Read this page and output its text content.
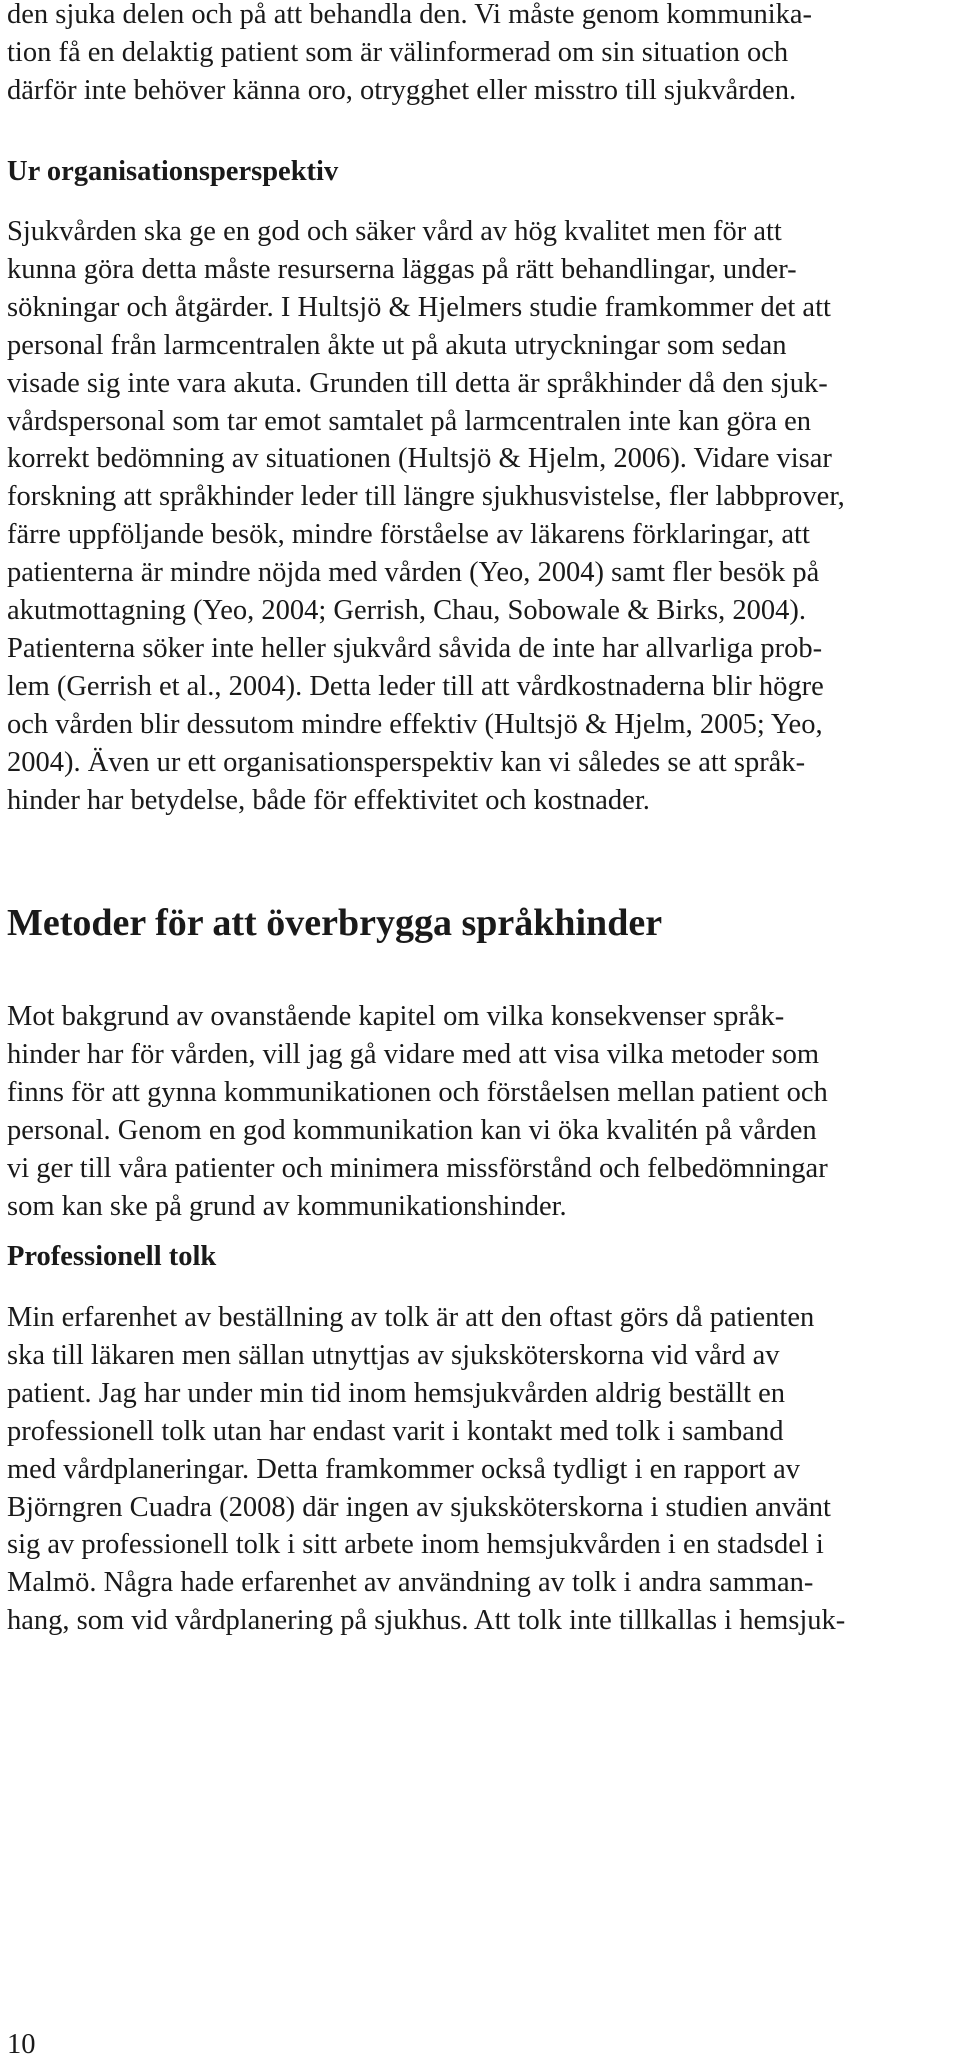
den sjuka delen och på att behandla den. Vi måste genom kommunika-
tion få en delaktig patient som är välinformerad om sin situation och
därför inte behöver känna oro, otrygghet eller misstro till sjukvården.
Ur organisationsperspektiv
Sjukvården ska ge en god och säker vård av hög kvalitet men för att
kunna göra detta måste resurserna läggas på rätt behandlingar, under-
sökningar och åtgärder. I Hultsjö & Hjelmers studie framkommer det att
personal från larmcentralen åkte ut på akuta utryckningar som sedan
visade sig inte vara akuta. Grunden till detta är språkhinder då den sjuk-
vårdspersonal som tar emot samtalet på larmcentralen inte kan göra en
korrekt bedömning av situationen (Hultsjö & Hjelm, 2006). Vidare visar
forskning att språkhinder leder till längre sjukhusvistelse, fler labbprover,
färre uppföljande besök, mindre förståelse av läkarens förklaringar, att
patienterna är mindre nöjda med vården (Yeo, 2004) samt fler besök på
akutmottagning (Yeo, 2004; Gerrish, Chau, Sobowale & Birks, 2004).
Patienterna söker inte heller sjukvård såvida de inte har allvarliga prob-
lem (Gerrish et al., 2004). Detta leder till att vårdkostnaderna blir högre
och vården blir dessutom mindre effektiv (Hultsjö & Hjelm, 2005; Yeo,
2004). Även ur ett organisationsperspektiv kan vi således se att språk-
hinder har betydelse, både för effektivitet och kostnader.
Metoder för att överbrygga språkhinder
Mot bakgrund av ovanstående kapitel om vilka konsekvenser språk-
hinder har för vården, vill jag gå vidare med att visa vilka metoder som
finns för att gynna kommunikationen och förståelsen mellan patient och
personal. Genom en god kommunikation kan vi öka kvalitén på vården
vi ger till våra patienter och minimera missförstånd och felbedömningar
som kan ske på grund av kommunikationshinder.
Professionell tolk
Min erfarenhet av beställning av tolk är att den oftast görs då patienten
ska till läkaren men sällan utnyttjas av sjuksköterskorna vid vård av
patient. Jag har under min tid inom hemsjukvården aldrig beställt en
professionell tolk utan har endast varit i kontakt med tolk i samband
med vårdplaneringar. Detta framkommer också tydligt i en rapport av
Björngren Cuadra (2008) där ingen av sjuksköterskorna i studien använt
sig av professionell tolk i sitt arbete inom hemsjukvården i en stadsdel i
Malmö. Några hade erfarenhet av användning av tolk i andra samman-
hang, som vid vårdplanering på sjukhus. Att tolk inte tillkallas i hemsjuk-
10
